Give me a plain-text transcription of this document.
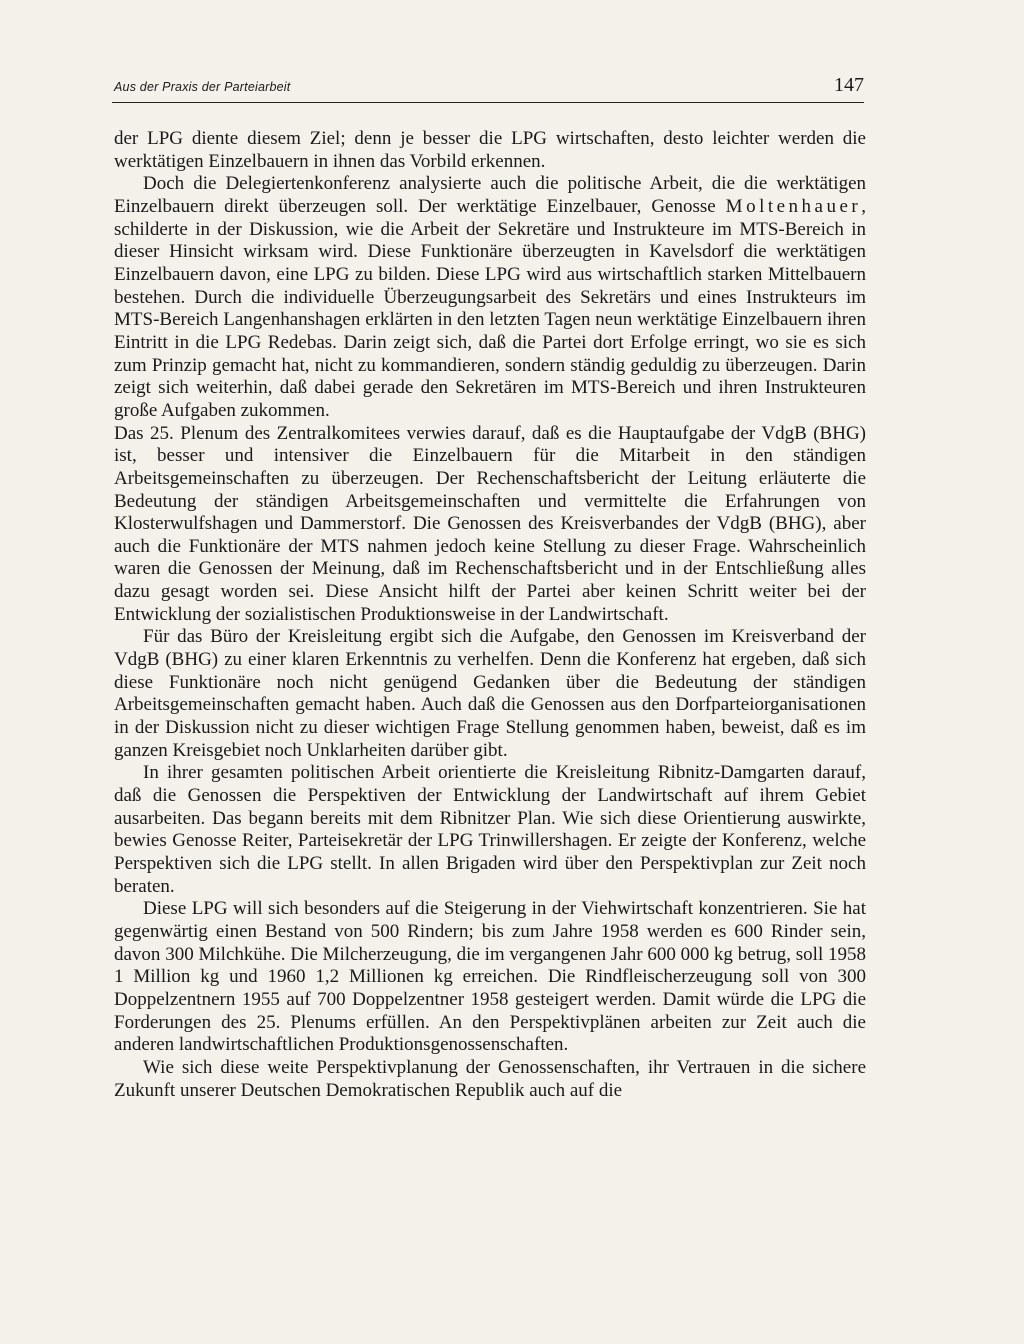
Aus der Praxis der Parteiarbeit	147

der LPG diente diesem Ziel; denn je besser die LPG wirtschaften, desto leichter werden die werktätigen Einzelbauern in ihnen das Vorbild erkennen.

Doch die Delegiertenkonferenz analysierte auch die politische Arbeit, die die werktätigen Einzelbauern direkt überzeugen soll. Der werktätige Einzelbauer, Genosse Moltenhauer, schilderte in der Diskussion, wie die Arbeit der Sekretäre und Instrukteure im MTS-Bereich in dieser Hinsicht wirksam wird. Diese Funktionäre überzeugten in Kavelsdorf die werktätigen Einzelbauern davon, eine LPG zu bilden. Diese LPG wird aus wirtschaftlich starken Mittelbauern bestehen. Durch die individuelle Überzeugungsarbeit des Sekretärs und eines Instrukteurs im MTS-Bereich Langenhanshagen erklärten in den letzten Tagen neun werktätige Einzelbauern ihren Eintritt in die LPG Redebas. Darin zeigt sich, daß die Partei dort Erfolge erringt, wo sie es sich zum Prinzip gemacht hat, nicht zu kommandieren, sondern ständig geduldig zu überzeugen. Darin zeigt sich weiterhin, daß dabei gerade den Sekretären im MTS-Bereich und ihren Instrukteuren große Aufgaben zukommen.

Das 25. Plenum des Zentralkomitees verwies darauf, daß es die Hauptaufgabe der VdgB (BHG) ist, besser und intensiver die Einzelbauern für die Mitarbeit in den ständigen Arbeitsgemeinschaften zu überzeugen. Der Rechenschaftsbericht der Leitung erläuterte die Bedeutung der ständigen Arbeitsgemeinschaften und vermittelte die Erfahrungen von Klosterwulfshagen und Dammerstorf. Die Genossen des Kreisverbandes der VdgB (BHG), aber auch die Funktionäre der MTS nahmen jedoch keine Stellung zu dieser Frage. Wahrscheinlich waren die Genossen der Meinung, daß im Rechenschaftsbericht und in der Entschließung alles dazu gesagt worden sei. Diese Ansicht hilft der Partei aber keinen Schritt weiter bei der Entwicklung der sozialistischen Produktionsweise in der Landwirtschaft.

Für das Büro der Kreisleitung ergibt sich die Aufgabe, den Genossen im Kreisverband der VdgB (BHG) zu einer klaren Erkenntnis zu verhelfen. Denn die Konferenz hat ergeben, daß sich diese Funktionäre noch nicht genügend Gedanken über die Bedeutung der ständigen Arbeitsgemeinschaften gemacht haben. Auch daß die Genossen aus den Dorfparteiorganisationen in der Diskussion nicht zu dieser wichtigen Frage Stellung genommen haben, beweist, daß es im ganzen Kreisgebiet noch Unklarheiten darüber gibt.

In ihrer gesamten politischen Arbeit orientierte die Kreisleitung Ribnitz-Damgarten darauf, daß die Genossen die Perspektiven der Entwicklung der Landwirtschaft auf ihrem Gebiet ausarbeiten. Das begann bereits mit dem Ribnitzer Plan. Wie sich diese Orientierung auswirkte, bewies Genosse Reiter, Parteisekretär der LPG Trinwillershagen. Er zeigte der Konferenz, welche Perspektiven sich die LPG stellt. In allen Brigaden wird über den Perspektivplan zur Zeit noch beraten.

Diese LPG will sich besonders auf die Steigerung in der Viehwirtschaft konzentrieren. Sie hat gegenwärtig einen Bestand von 500 Rindern; bis zum Jahre 1958 werden es 600 Rinder sein, davon 300 Milchkühe. Die Milcherzeugung, die im vergangenen Jahr 600 000 kg betrug, soll 1958 1 Million kg und 1960 1,2 Millionen kg erreichen. Die Rindfleischerzeugung soll von 300 Doppelzentnern 1955 auf 700 Doppelzentner 1958 gesteigert werden. Damit würde die LPG die Forderungen des 25. Plenums erfüllen. An den Perspektivplänen arbeiten zur Zeit auch die anderen landwirtschaftlichen Produktionsgenossenschaften.

Wie sich diese weite Perspektivplanung der Genossenschaften, ihr Vertrauen in die sichere Zukunft unserer Deutschen Demokratischen Republik auch auf die
